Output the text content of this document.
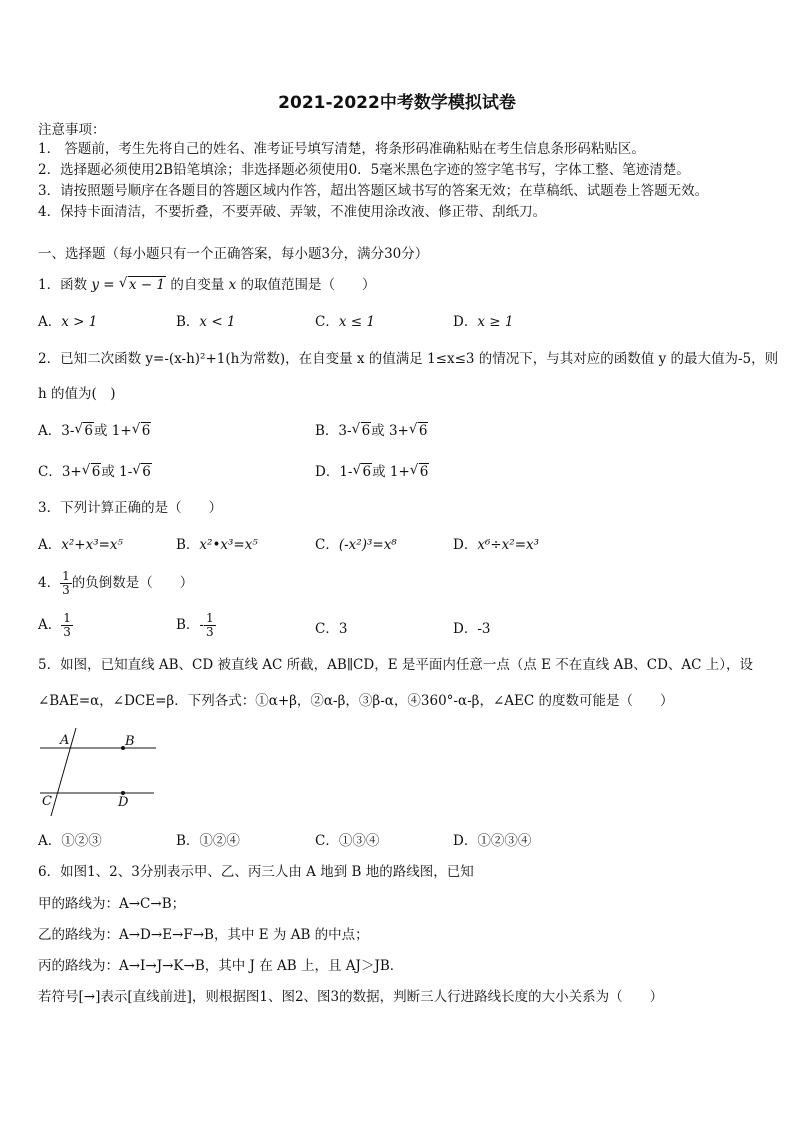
2021-2022中考数学模拟试卷
注意事项：
1． 答题前，考生先将自己的姓名、准考证号填写清楚，将条形码准确粘贴在考生信息条形码粘贴区。
2．选择题必须使用2B铅笔填涂；非选择题必须使用0．5毫米黑色字迹的签字笔书写，字体工整、笔迹清楚。
3．请按照题号顺序在各题目的答题区域内作答，超出答题区域书写的答案无效；在草稿纸、试题卷上答题无效。
4．保持卡面清洁，不要折叠，不要弄破、弄皱，不准使用涂改液、修正带、刮纸刀。
一、选择题（每小题只有一个正确答案，每小题3分，满分30分）
1．函数 y = √ x − 1 的自变量 x 的取值范围是（　　）
A．x > 1	B．x < 1	C．x ≤ 1	D．x ≥ 1
2．已知二次函数 y=-(x-h)²+1(h为常数)，在自变量 x 的值满足 1≤x≤3 的情况下，与其对应的函数值 y 的最大值为-5，则
h 的值为(　)
A．3- √ 6或 1+ √ 6	B．3- √ 6或 3+ √ 6
C．3+ √ 6或 1- √ 6	D．1- √ 6或 1+ √ 6
3．下列计算正确的是（　　）
A．x²+x³=x⁵	B．x²•x³=x⁵	C．(-x²)³=x⁸	D．x⁶÷x²=x³
4． $\frac{1}{3}$ 的负倒数是（　　）
A． $\frac{1}{3}$	B．- $\frac{1}{3}$	C．3	D．-3
5．如图，已知直线 AB、CD 被直线 AC 所截，AB∥CD，E 是平面内任意一点（点 E 不在直线 AB、CD、AC 上），设
∠BAE=α，∠DCE=β．下列各式：①α+β，②α-β，③β-α，④360°-α-β，∠AEC 的度数可能是（　　）
A	B
C	D
A．①②③	B．①②④	C．①③④	D．①②③④
6．如图1、2、3分别表示甲、乙、丙三人由 A 地到 B 地的路线图，已知
甲的路线为：A→C→B；
乙的路线为：A→D→E→F→B，其中 E 为 AB 的中点；
丙的路线为：A→I→J→K→B，其中 J 在 AB 上，且 AJ＞JB．
若符号[→]表示[直线前进]，则根据图1、图2、图3的数据，判断三人行进路线长度的大小关系为（　　）
